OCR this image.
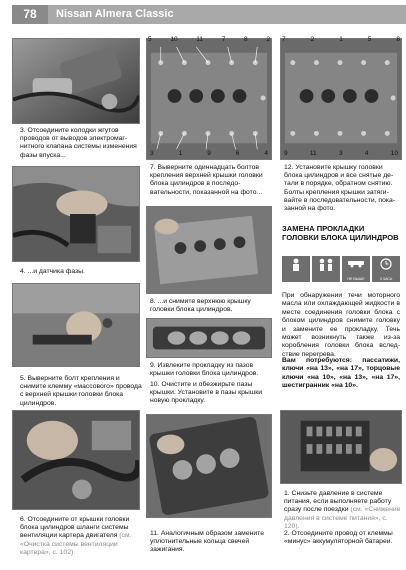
78	Nissan Almera Classic
3. Отсоедините колодки жгутов проводов от выводов электромагнитного клапана системы изменения фазы впуска...
4. ...и датчика фазы.
5. Выверните болт крепления и снимите клемму «массового» провода с верхней крышки головки блока цилиндров.
6. Отсоедините от крышки головки блока цилиндров шланги системы вентиляции картера двигателя (см. «Очистка системы вентиляции картера», с. 102).
5	10	11	7	8	2
3	1	9	6	4
7. Выверните одиннадцать болтов крепления верхней крышки головки блока цилиндров в последовательности, показанной на фото...
8. ...и снимите верхнюю крышку головки блока цилиндров.
9. Извлеките прокладку из пазов крышки головки блока цилиндров.
10. Очистите и обезжирьте пазы крышки. Установите в пазы крышки новую прокладку.
11. Аналогичным образом замените уплотнительные кольца свечей зажигания.
7	2	1	5	8
9	11	3	4	10
12. Установите крышку головки блока цилиндров и все снятые детали в порядке, обратном снятию. Болты крепления крышки затягивайте в последовательности, показанной на фото.
ЗАМЕНА ПРОКЛАДКИ ГОЛОВКИ БЛОКА ЦИЛИНДРОВ
НЕ ВЫШЕ	3 ЧАСА
При обнаружении течи моторного масла или охлаждающей жидкости в месте соединения головки блока с блоком цилиндров снимите головку и замените ее прокладку. Течь может возникнуть также из-за коробления головки блока вследствие перегрева.
Вам потребуются: пассатижи, ключи «на 13», «на 17», торцовые ключи «на 10», «на 13», «на 17», шестигранник «на 10».
1. Снизьте давление в системе питания, если выполняете работу сразу после поездки (см. «Снижение давления в системе питания», с. 120).
2. Отсоедините провод от клеммы «минус» аккумуляторной батареи.
